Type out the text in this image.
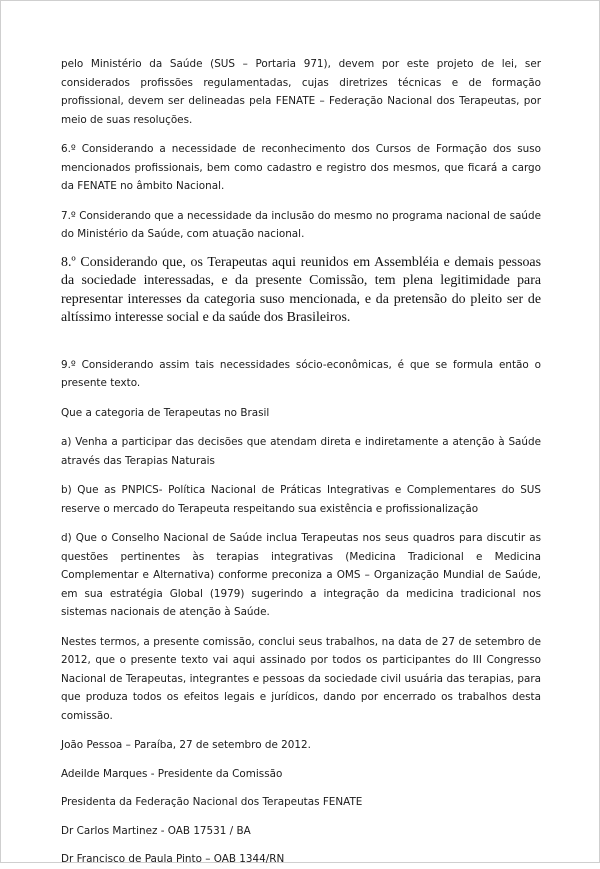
pelo Ministério da Saúde (SUS – Portaria 971), devem por este projeto de lei, ser considerados profissões regulamentadas, cujas diretrizes técnicas e de formação profissional, devem ser delineadas pela FENATE – Federação Nacional dos Terapeutas, por meio de suas resoluções.

6.º Considerando a necessidade de reconhecimento dos Cursos de Formação dos suso mencionados profissionais, bem como cadastro e registro dos mesmos, que ficará a cargo da FENATE no âmbito Nacional.

7.º Considerando que a necessidade da inclusão do mesmo no programa nacional de saúde do Ministério da Saúde, com atuação nacional.

8.º Considerando que, os Terapeutas aqui reunidos em Assembléia e demais pessoas da sociedade interessadas, e da presente Comissão, tem plena legitimidade para representar interesses da categoria suso mencionada, e da pretensão do pleito ser de altíssimo interesse social e da saúde dos Brasileiros.

9.º Considerando assim tais necessidades sócio-econômicas, é que se formula então o presente texto.

Que a categoria de Terapeutas no Brasil

a) Venha a participar das decisões que atendam direta e indiretamente a atenção à Saúde através das Terapias Naturais

b) Que as PNPICS- Política Nacional de Práticas Integrativas e Complementares do SUS reserve o mercado do Terapeuta respeitando sua existência e profissionalização

d) Que o Conselho Nacional de Saúde inclua Terapeutas nos seus quadros para discutir as questões pertinentes às terapias integrativas (Medicina Tradicional e Medicina Complementar e Alternativa) conforme preconiza a OMS – Organização Mundial de Saúde, em sua estratégia Global (1979) sugerindo a integração da medicina tradicional nos sistemas nacionais de atenção à Saúde.

Nestes termos, a presente comissão, conclui seus trabalhos, na data de 27 de setembro de 2012, que o presente texto vai aqui assinado por todos os participantes do III Congresso Nacional de Terapeutas, integrantes e pessoas da sociedade civil usuária das terapias, para que produza todos os efeitos legais e jurídicos, dando por encerrado os trabalhos desta comissão.

João Pessoa – Paraíba, 27 de setembro de 2012.

Adeilde Marques - Presidente da Comissão

Presidenta da Federação Nacional dos Terapeutas FENATE

Dr Carlos Martinez - OAB 17531 / BA

Dr Francisco de Paula Pinto – OAB 1344/RN
